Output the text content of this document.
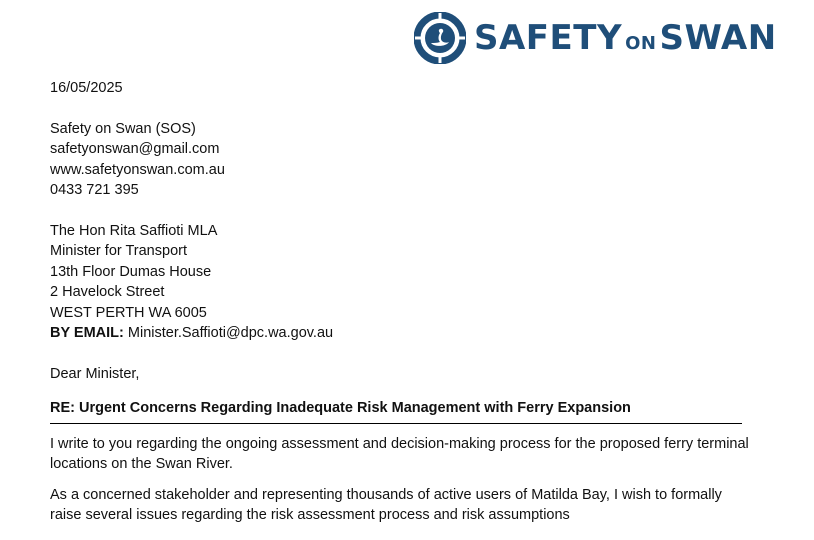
SAFETY ON SWAN
16/05/2025
Safety on Swan (SOS)
safetyonswan@gmail.com
www.safetyonswan.com.au
0433 721 395
The Hon Rita Saffioti MLA
Minister for Transport
13th Floor Dumas House
2 Havelock Street
WEST PERTH WA 6005
BY EMAIL: Minister.Saffioti@dpc.wa.gov.au
Dear Minister,
RE: Urgent Concerns Regarding Inadequate Risk Management with Ferry Expansion
I write to you regarding the ongoing assessment and decision-making process for the proposed ferry terminal locations on the Swan River.
As a concerned stakeholder and representing thousands of active users of Matilda Bay, I wish to formally raise several issues regarding the risk assessment process and risk assumptions
